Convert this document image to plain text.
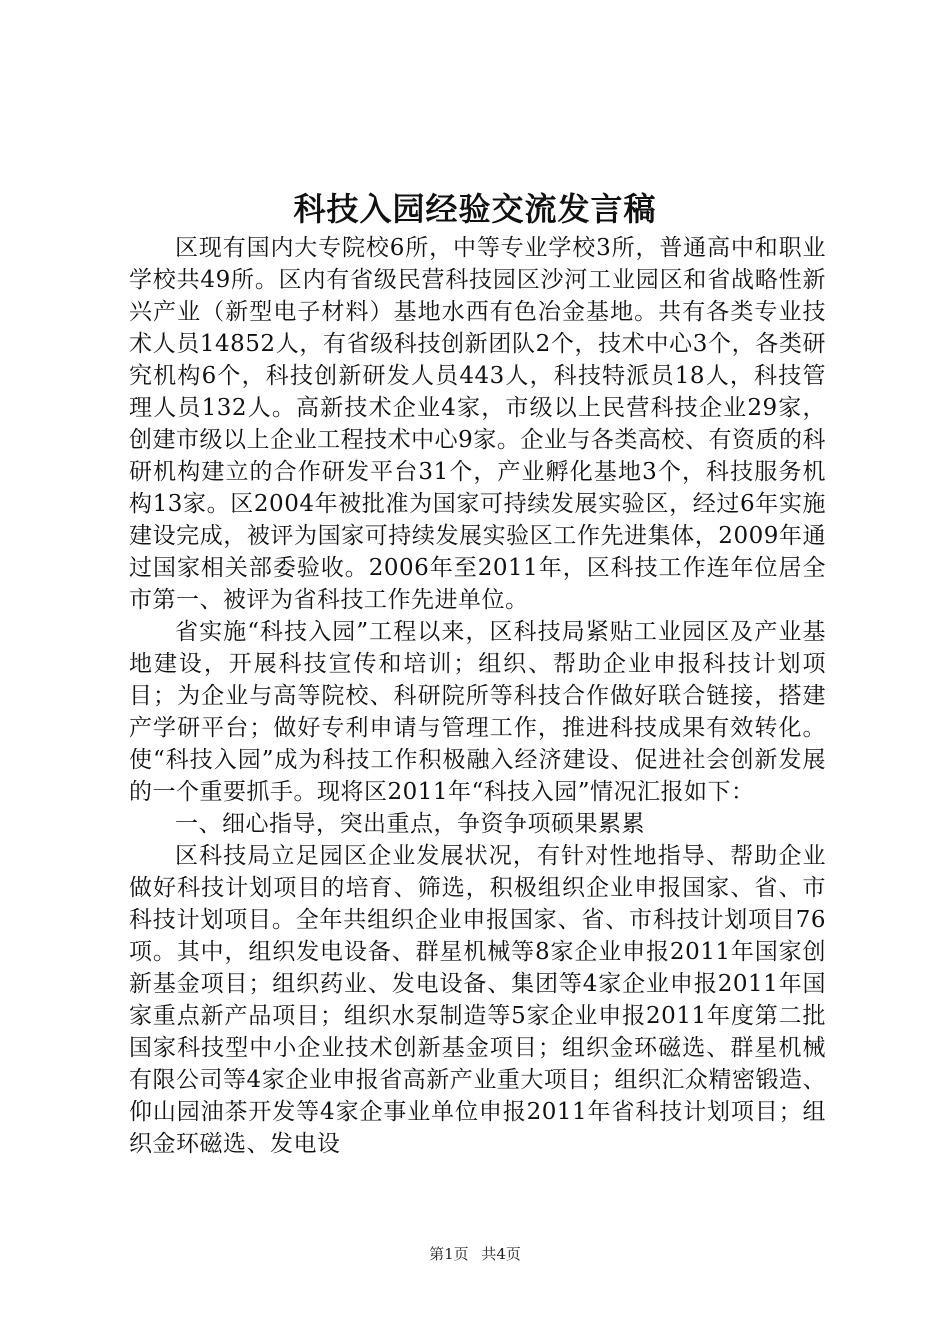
科技入园经验交流发言稿

区现有国内大专院校6所，中等专业学校3所，普通高中和职业学校共49所。区内有省级民营科技园区沙河工业园区和省战略性新兴产业（新型电子材料）基地水西有色冶金基地。共有各类专业技术人员14852人，有省级科技创新团队2个，技术中心3个，各类研究机构6个，科技创新研发人员443人，科技特派员18人，科技管理人员132人。高新技术企业4家，市级以上民营科技企业29家，创建市级以上企业工程技术中心9家。企业与各类高校、有资质的科研机构建立的合作研发平台31个，产业孵化基地3个，科技服务机构13家。区2004年被批准为国家可持续发展实验区，经过6年实施建设完成，被评为国家可持续发展实验区工作先进集体，2009年通过国家相关部委验收。2006年至2011年，区科技工作连年位居全市第一、被评为省科技工作先进单位。

省实施“科技入园”工程以来，区科技局紧贴工业园区及产业基地建设，开展科技宣传和培训；组织、帮助企业申报科技计划项目；为企业与高等院校、科研院所等科技合作做好联合链接，搭建产学研平台；做好专利申请与管理工作，推进科技成果有效转化。使“科技入园”成为科技工作积极融入经济建设、促进社会创新发展的一个重要抓手。现将区2011年“科技入园”情况汇报如下：

一、细心指导，突出重点，争资争项硕果累累

区科技局立足园区企业发展状况，有针对性地指导、帮助企业做好科技计划项目的培育、筛选，积极组织企业申报国家、省、市科技计划项目。全年共组织企业申报国家、省、市科技计划项目76项。其中，组织发电设备、群星机械等8家企业申报2011年国家创新基金项目；组织药业、发电设备、集团等4家企业申报2011年国家重点新产品项目；组织水泵制造等5家企业申报2011年度第二批国家科技型中小企业技术创新基金项目；组织金环磁选、群星机械有限公司等4家企业申报省高新产业重大项目；组织汇众精密锻造、仰山园油茶开发等4家企事业单位申报2011年省科技计划项目；组织金环磁选、发电设

第1页 共4页
